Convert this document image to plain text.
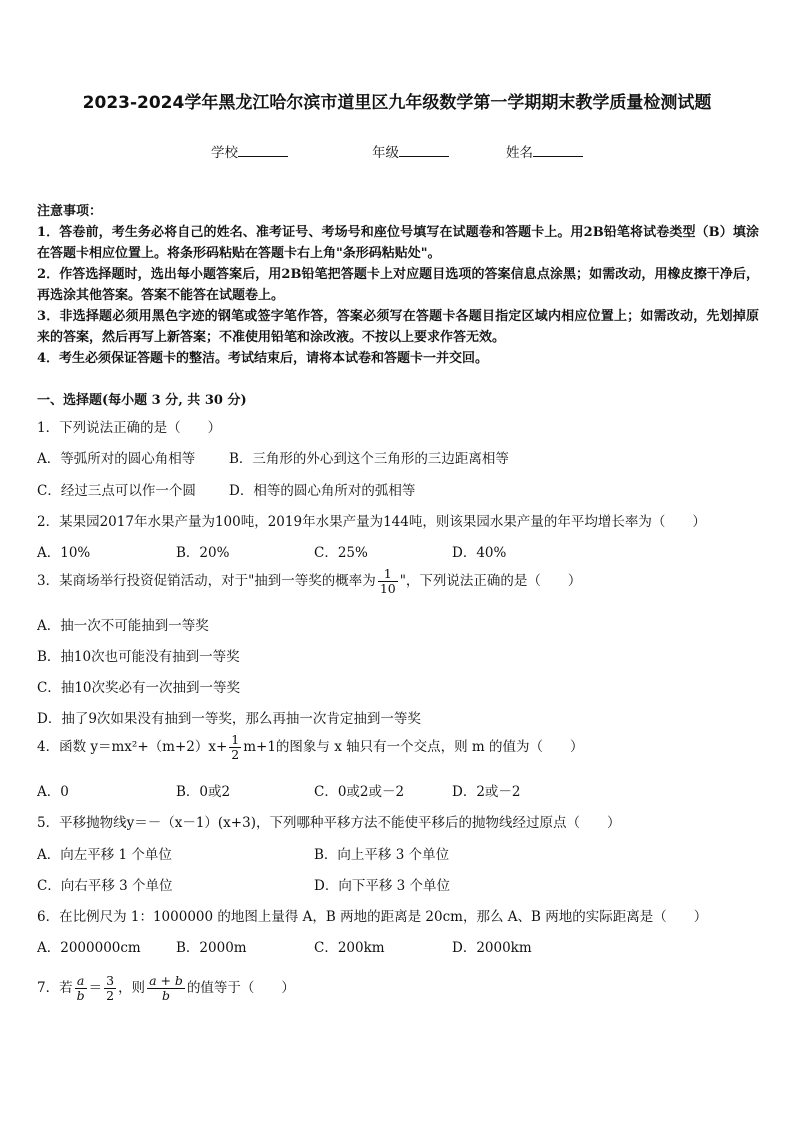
2023-2024学年黑龙江哈尔滨市道里区九年级数学第一学期期末教学质量检测试题
学校	年级	姓名

注意事项：

1．答卷前，考生务必将自己的姓名、准考证号、考场号和座位号填写在试题卷和答题卡上。用2B铅笔将试卷类型（B）填涂在答题卡相应位置上。将条形码粘贴在答题卡右上角"条形码粘贴处"。

2．作答选择题时，选出每小题答案后，用2B铅笔把答题卡上对应题目选项的答案信息点涂黑；如需改动，用橡皮擦干净后，再选涂其他答案。答案不能答在试题卷上。

3．非选择题必须用黑色字迹的钢笔或签字笔作答，答案必须写在答题卡各题目指定区域内相应位置上；如需改动，先划掉原来的答案，然后再写上新答案；不准使用铅笔和涂改液。不按以上要求作答无效。

4．考生必须保证答题卡的整洁。考试结束后，请将本试卷和答题卡一并交回。

一、选择题(每小题 3 分, 共 30 分)
1．下列说法正确的是（　　）
A．等弧所对的圆心角相等	B．三角形的外心到这个三角形的三边距离相等
C．经过三点可以作一个圆 D．相等的圆心角所对的弧相等
2．某果园2017年水果产量为100吨，2019年水果产量为144吨，则该果园水果产量的年平均增长率为（　　）
A．10%	B．20%	C．25%	D．40%
3．某商场举行投资促销活动，对于"抽到一等奖的概率为 $\frac{1}{10}$ "，下列说法正确的是（　　）
A．抽一次不可能抽到一等奖
B．抽10次也可能没有抽到一等奖
C．抽10次奖必有一次抽到一等奖
D．抽了9次如果没有抽到一等奖，那么再抽一次肯定抽到一等奖
4．函数 $y=mx^2+(m+2)x+ \frac{1}{2} m+1$的图象与 x 轴只有一个交点，则 m 的值为（　　）
A．0	B．0或2	C．0或2或－2	D．2或－2
5．平移抛物线y＝－（x－1）(x+3)，下列哪种平移方法不能使平移后的抛物线经过原点（　　）
A．向左平移 1 个单位	B．向上平移 3 个单位
C．向右平移 3 个单位	D．向下平移 3 个单位
6．在比例尺为 1：1000000 的地图上量得 A，B 两地的距离是 20cm，那么 A、B 两地的实际距离是（　　）
A．2000000cm	B．2000m	C．200km	D．2000km
7．若 $\frac{a}{b} = \frac{3}{2}$ ，则 $\frac{a + b}{b}$ 的值等于（　　）
